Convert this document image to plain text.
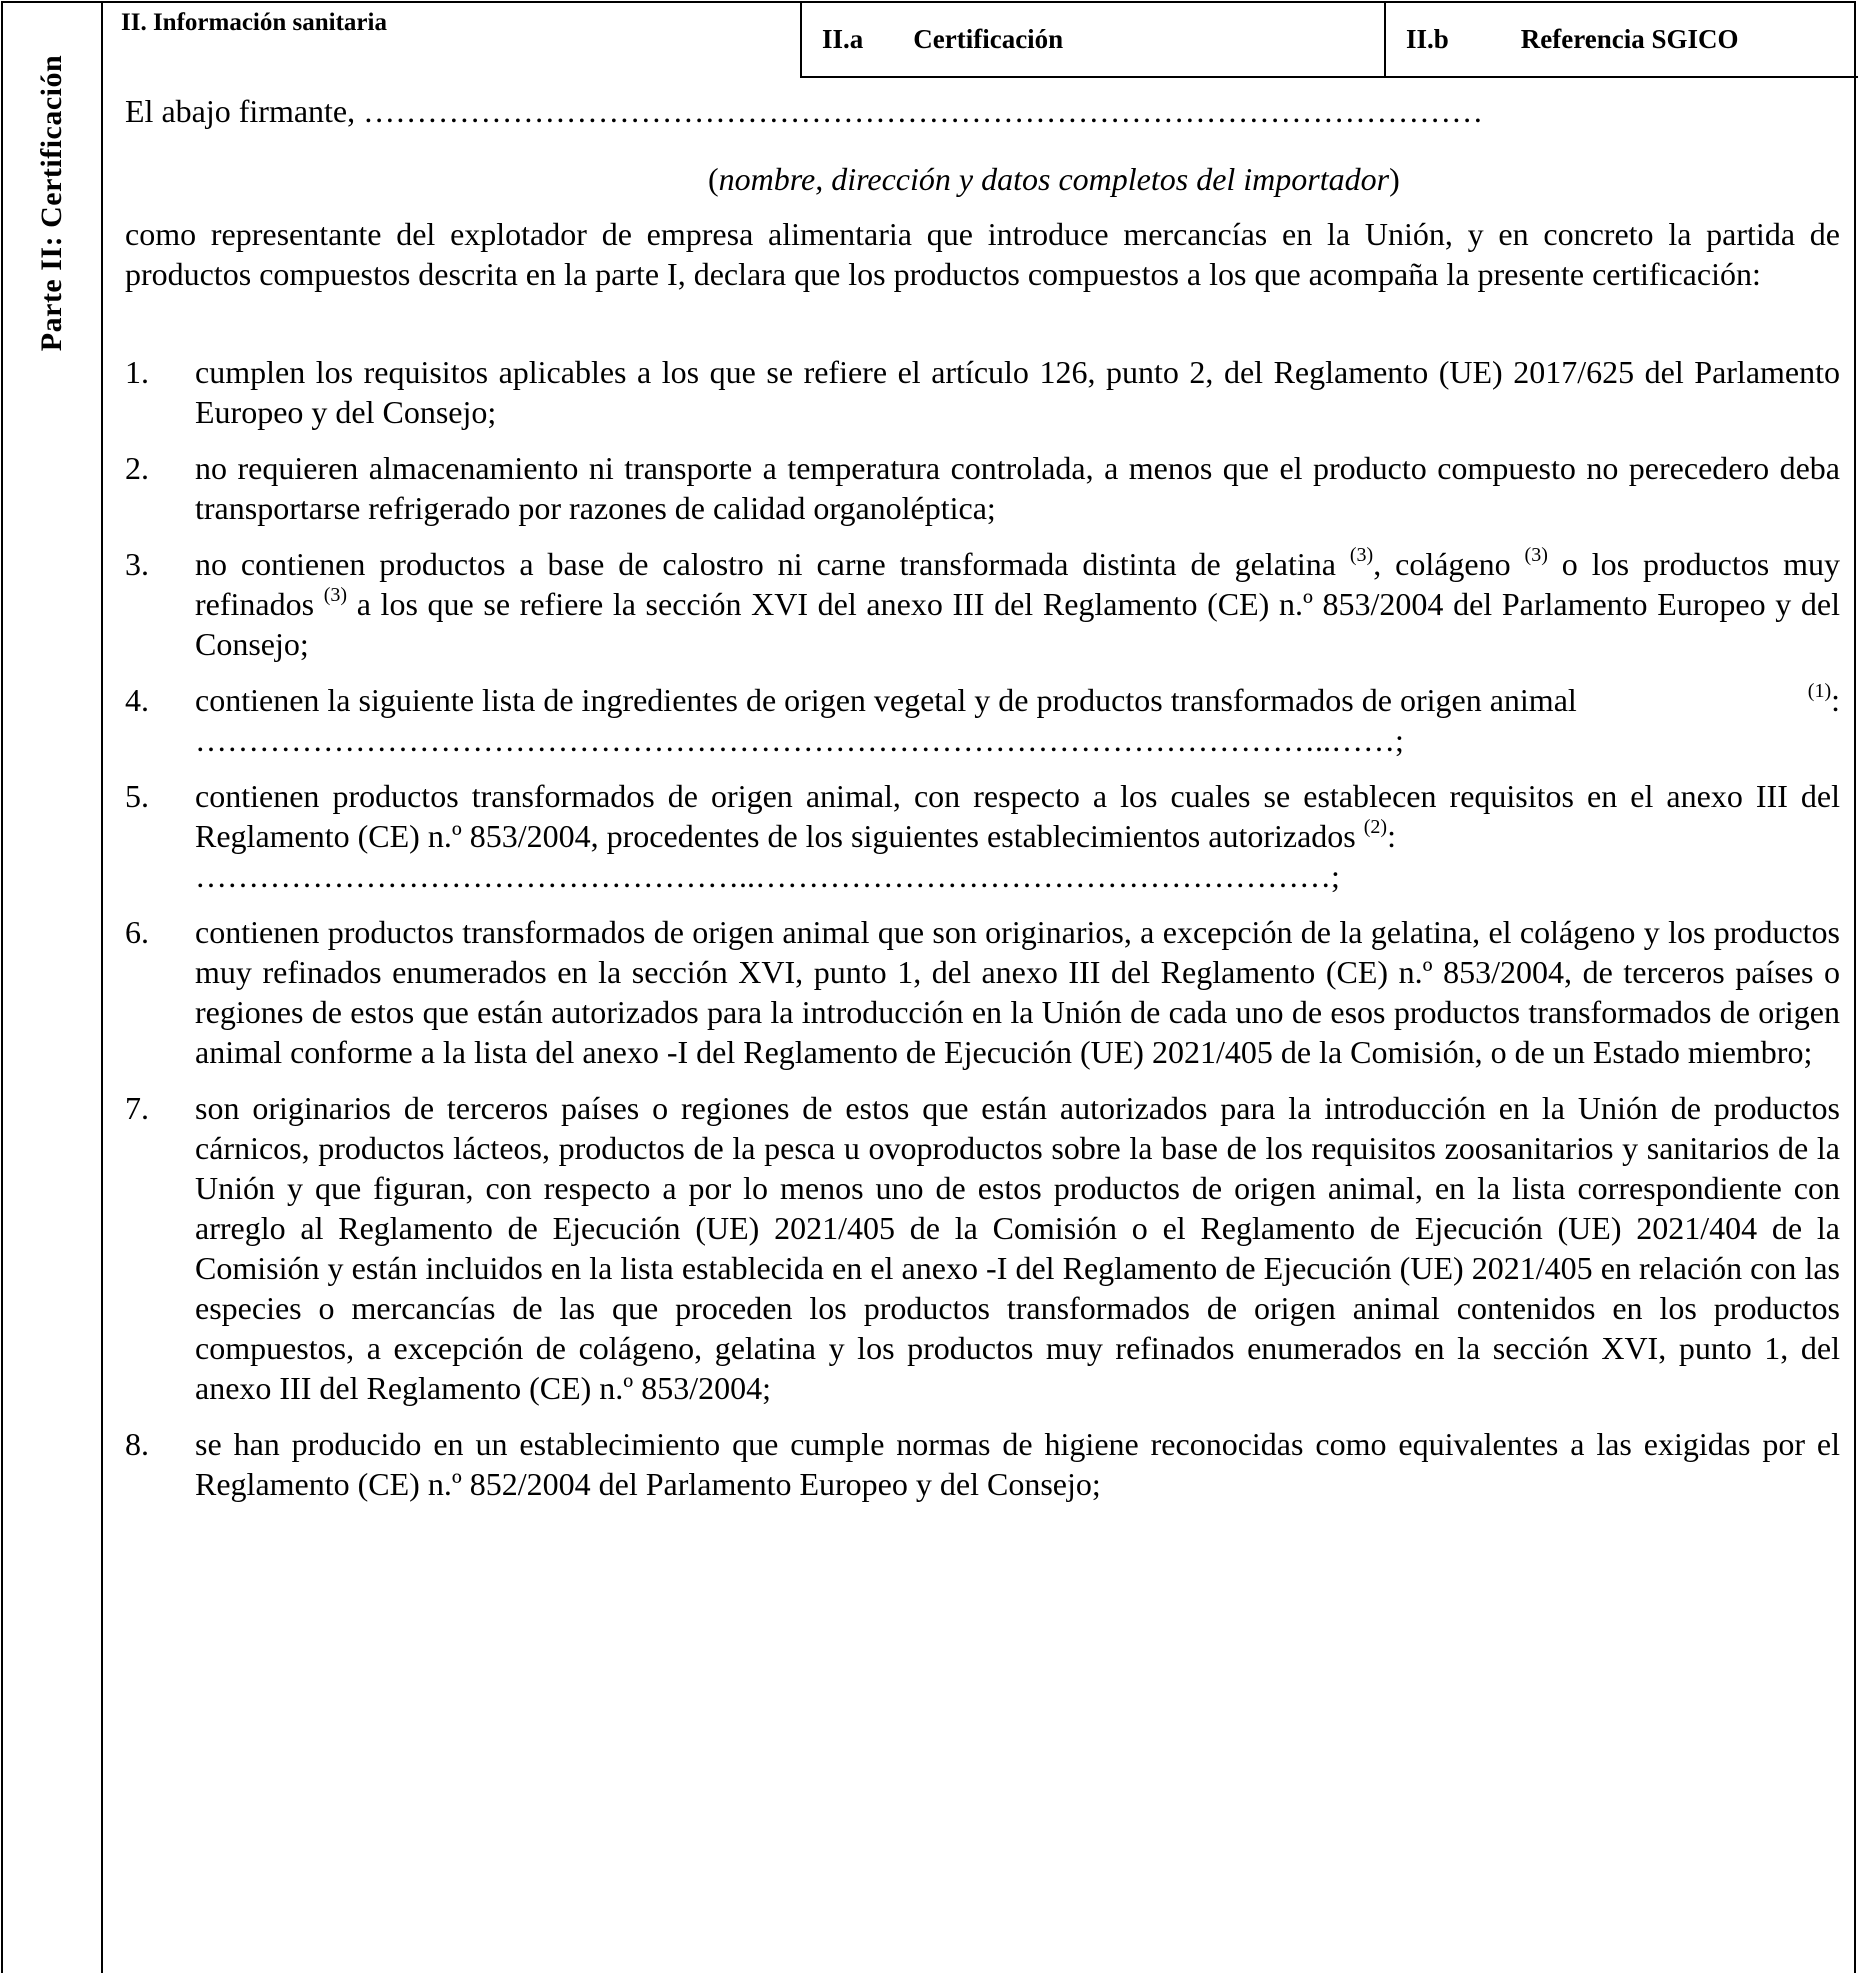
Parte II: Certificación
II. Información sanitaria
II.a Certificación	II.b	Referencia SGICO
El abajo firmante, ……………………………………………………………………………………………
(nombre, dirección y datos completos del importador)
como representante del explotador de empresa alimentaria que introduce mercancías en la Unión, y en concreto la partida de productos compuestos descrita en la parte I, declara que los productos compuestos a los que acompaña la presente certificación:
1. cumplen los requisitos aplicables a los que se refiere el artículo 126, punto 2, del Reglamento (UE) 2017/625 del Parlamento Europeo y del Consejo;
2. no requieren almacenamiento ni transporte a temperatura controlada, a menos que el producto compuesto no perecedero deba transportarse refrigerado por razones de calidad organoléptica;
3. no contienen productos a base de calostro ni carne transformada distinta de gelatina $^{(3)}$, colágeno $^{(3)}$ o los productos muy refinados $^{(3)}$ a los que se refiere la sección XVI del anexo III del Reglamento (CE) n.º 853/2004 del Parlamento Europeo y del Consejo;
4. contienen la siguiente lista de ingredientes de origen vegetal y de productos transformados de origen animal	$^{(1)}$:
……………………………………………………………………………………………..……;
5. contienen productos transformados de origen animal, con respecto a los cuales se establecen requisitos en el anexo III del Reglamento (CE) n.º 853/2004, procedentes de los siguientes establecimientos autorizados $^{(2)}$:
……………………………………………..………………………………………………;
6. contienen productos transformados de origen animal que son originarios, a excepción de la gelatina, el colágeno y los productos muy refinados enumerados en la sección XVI, punto 1, del anexo III del Reglamento (CE) n.º 853/2004, de terceros países o regiones de estos que están autorizados para la introducción en la Unión de cada uno de esos productos transformados de origen animal conforme a la lista del anexo -I del Reglamento de Ejecución (UE) 2021/405 de la Comisión, o de un Estado miembro;
7. son originarios de terceros países o regiones de estos que están autorizados para la introducción en la Unión de productos cárnicos, productos lácteos, productos de la pesca u ovoproductos sobre la base de los requisitos zoosanitarios y sanitarios de la Unión y que figuran, con respecto a por lo menos uno de estos productos de origen animal, en la lista correspondiente con arreglo al Reglamento de Ejecución (UE) 2021/405 de la Comisión o el Reglamento de Ejecución (UE) 2021/404 de la Comisión y están incluidos en la lista establecida en el anexo -I del Reglamento de Ejecución (UE) 2021/405 en relación con las especies o mercancías de las que proceden los productos transformados de origen animal contenidos en los productos compuestos, a excepción de colágeno, gelatina y los productos muy refinados enumerados en la sección XVI, punto 1, del anexo III del Reglamento (CE) n.º 853/2004;
8. se han producido en un establecimiento que cumple normas de higiene reconocidas como equivalentes a las exigidas por el Reglamento (CE) n.º 852/2004 del Parlamento Europeo y del Consejo;
